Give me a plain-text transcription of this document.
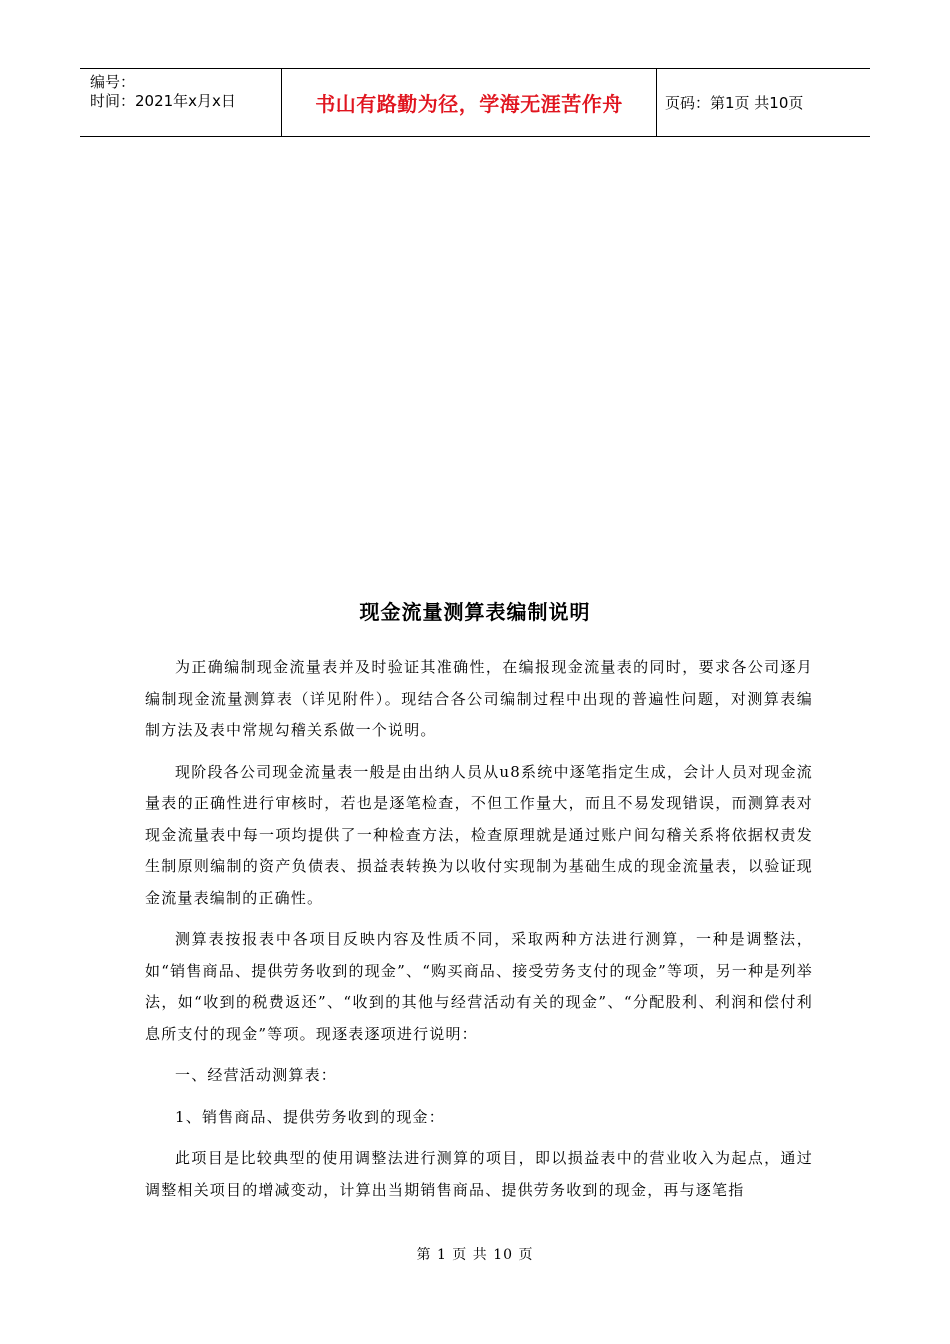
编号：
时间：2021年x月x日	书山有路勤为径，学海无涯苦作舟	页码：第1页 共10页
现金流量测算表编制说明

为正确编制现金流量表并及时验证其准确性，在编报现金流量表的同时，要求各公司逐月编制现金流量测算表（详见附件）。现结合各公司编制过程中出现的普遍性问题，对测算表编制方法及表中常规勾稽关系做一个说明。

现阶段各公司现金流量表一般是由出纳人员从u8系统中逐笔指定生成，会计人员对现金流量表的正确性进行审核时，若也是逐笔检查，不但工作量大，而且不易发现错误，而测算表对现金流量表中每一项均提供了一种检查方法，检查原理就是通过账户间勾稽关系将依据权责发生制原则编制的资产负债表、损益表转换为以收付实现制为基础生成的现金流量表，以验证现金流量表编制的正确性。

测算表按报表中各项目反映内容及性质不同，采取两种方法进行测算，一种是调整法，如“销售商品、提供劳务收到的现金”、“购买商品、接受劳务支付的现金”等项，另一种是列举法，如“收到的税费返还”、“收到的其他与经营活动有关的现金”、“分配股利、利润和偿付利息所支付的现金”等项。现逐表逐项进行说明：

一、经营活动测算表：

1、销售商品、提供劳务收到的现金：

此项目是比较典型的使用调整法进行测算的项目，即以损益表中的营业收入为起点，通过调整相关项目的增减变动，计算出当期销售商品、提供劳务收到的现金，再与逐笔指

第 1 页 共 10 页
